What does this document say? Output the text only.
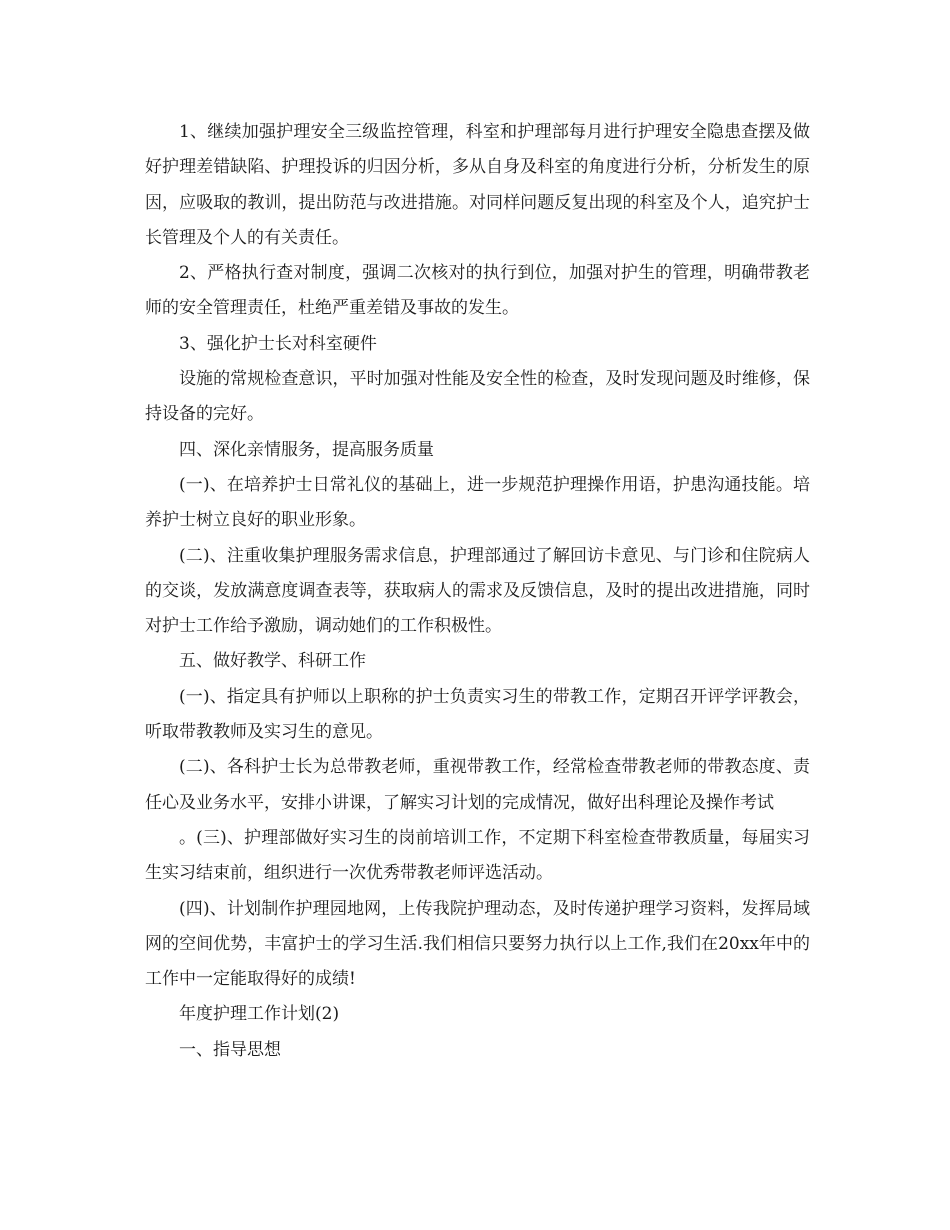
1、继续加强护理安全三级监控管理，科室和护理部每月进行护理安全隐患查摆及做好护理差错缺陷、护理投诉的归因分析，多从自身及科室的角度进行分析，分析发生的原因，应吸取的教训，提出防范与改进措施。对同样问题反复出现的科室及个人，追究护士长管理及个人的有关责任。

2、严格执行查对制度，强调二次核对的执行到位，加强对护生的管理，明确带教老师的安全管理责任，杜绝严重差错及事故的发生。

3、强化护士长对科室硬件

设施的常规检查意识，平时加强对性能及安全性的检查，及时发现问题及时维修，保持设备的完好。

四、深化亲情服务，提高服务质量

(一)、在培养护士日常礼仪的基础上，进一步规范护理操作用语，护患沟通技能。培养护士树立良好的职业形象。

(二)、注重收集护理服务需求信息，护理部通过了解回访卡意见、与门诊和住院病人的交谈，发放满意度调查表等，获取病人的需求及反馈信息，及时的提出改进措施，同时对护士工作给予激励，调动她们的工作积极性。

五、做好教学、科研工作

(一)、指定具有护师以上职称的护士负责实习生的带教工作，定期召开评学评教会，听取带教教师及实习生的意见。

(二)、各科护士长为总带教老师，重视带教工作，经常检查带教老师的带教态度、责任心及业务水平，安排小讲课，了解实习计划的完成情况，做好出科理论及操作考试

。(三)、护理部做好实习生的岗前培训工作，不定期下科室检查带教质量，每届实习生实习结束前，组织进行一次优秀带教老师评选活动。

(四)、计划制作护理园地网，上传我院护理动态，及时传递护理学习资料，发挥局域网的空间优势，丰富护士的学习生活.我们相信只要努力执行以上工作,我们在20xx年中的工作中一定能取得好的成绩!

年度护理工作计划(2)

一、指导思想
